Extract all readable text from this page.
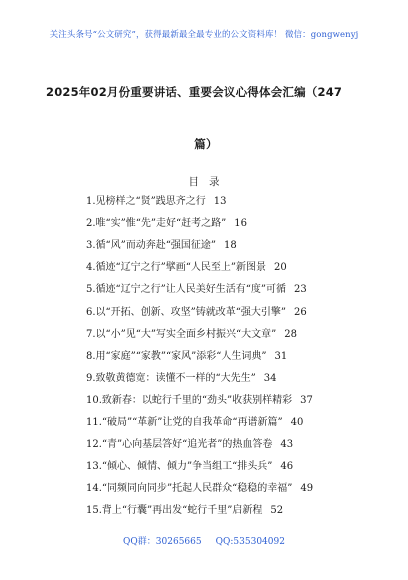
关注头条号“公文研究”，获得最新最全最专业的公文资料库！ 微信：gongwenyj
2025年02月份重要讲话、重要会议心得体会汇编（247
篇）
目录
1.见榜样之“贤”践思齐之行 13
2.唯“实”惟“先”走好“赶考之路” 16
3.循“风”而动奔赴“强国征途” 18
4.循迹“辽宁之行”擘画“人民至上”新图景 20
5.循迹“辽宁之行”让人民美好生活有“度”可循 23
6.以“开拓、创新、攻坚”铸就改革“强大引擎” 26
7.以“小”见“大”写实全面乡村振兴“大文章” 28
8.用“家庭”“家教”“家风”添彩“人生词典” 31
9.致敬黄德宽：读懂不一样的“大先生” 34
10.致新春：以蛇行千里的“劲头”收获别样精彩 37
11.“破局”“革新”让党的自我革命“再谱新篇” 40
12.“青”心向基层答好“追光者”的热血答卷 43
13.“倾心、倾情、倾力”争当组工“排头兵” 46
14.“同频同向同步”托起人民群众“稳稳的幸福” 49
15.背上“行囊”再出发“蛇行千里”启新程 52
QQ群：30265665 QQ:535304092
